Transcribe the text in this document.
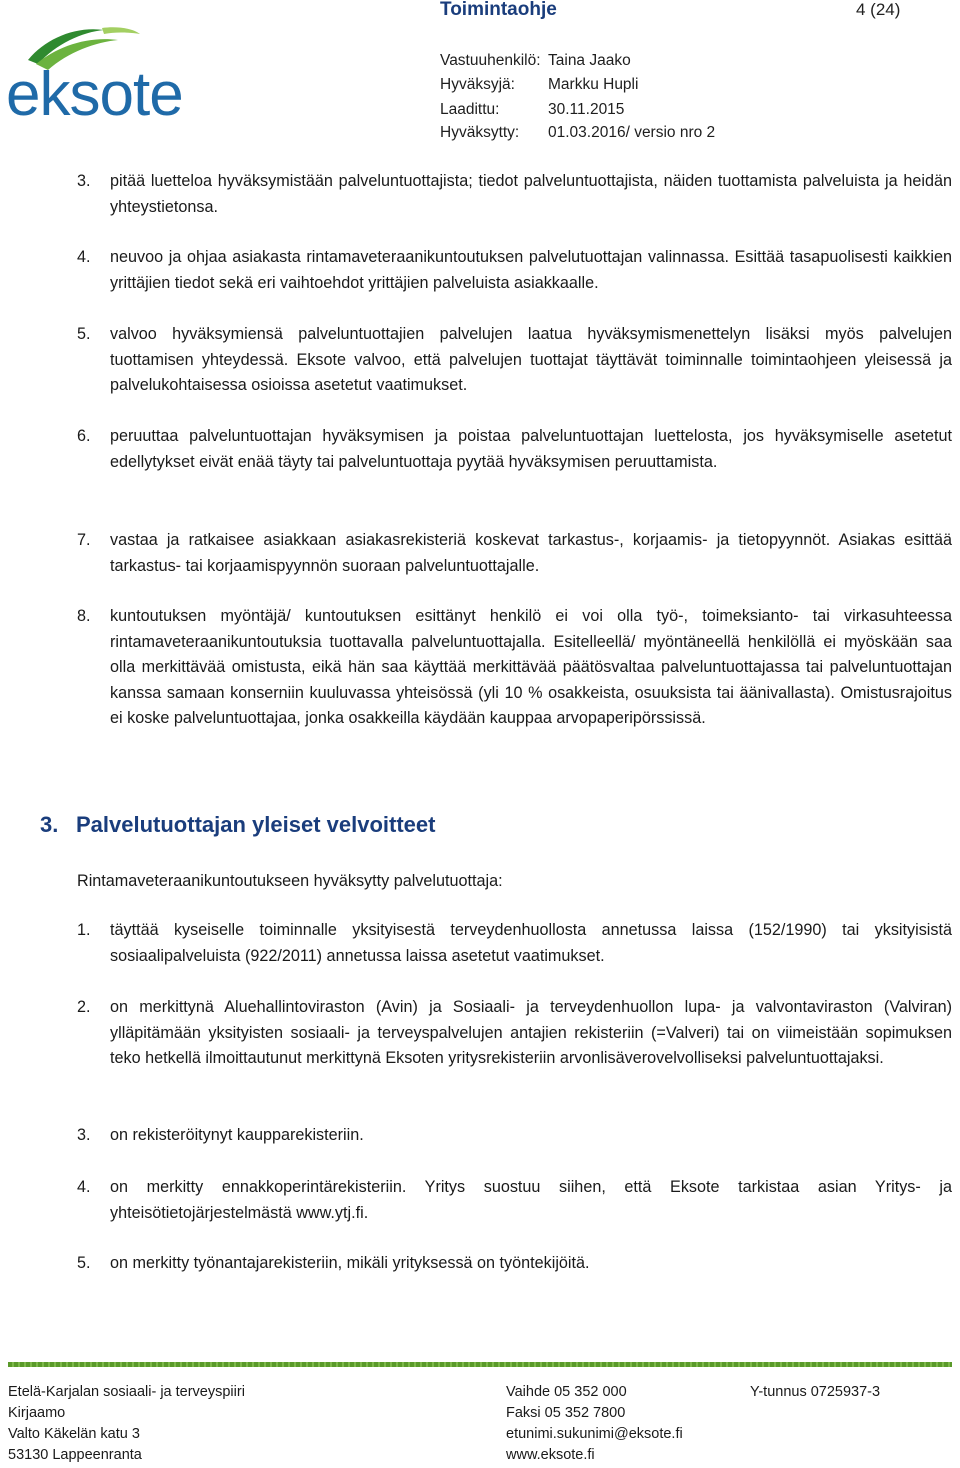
eksote
Toimintaohje	4 (24)
Vastuuhenkilö: Taina Jaako
Hyväksyjä: Markku Hupli
Laadittu:	30.11.2015
Hyväksytty: 01.03.2016/ versio nro 2
3. pitää luetteloa hyväksymistään palveluntuottajista; tiedot palveluntuottajista, näiden tuottamista palveluista ja heidän yhteystietonsa.
4. neuvoo ja ohjaa asiakasta rintamaveteraanikuntoutuksen palvelutuottajan valinnassa. Esittää tasapuolisesti kaikkien yrittäjien tiedot sekä eri vaihtoehdot yrittäjien palveluista asiakkaalle.
5. valvoo hyväksymiensä palveluntuottajien palvelujen laatua hyväksymismenettelyn lisäksi myös palvelujen tuottamisen yhteydessä. Eksote valvoo, että palvelujen tuottajat täyttävät toiminnalle toimintaohjeen yleisessä ja palvelukohtaisessa osioissa asetetut vaatimukset.
6. peruuttaa palveluntuottajan hyväksymisen ja poistaa palveluntuottajan luettelosta, jos hyväksymiselle asetetut edellytykset eivät enää täyty tai palveluntuottaja pyytää hyväksymisen peruuttamista.
7. vastaa ja ratkaisee asiakkaan asiakasrekisteriä koskevat tarkastus-, korjaamis- ja tietopyynnöt. Asiakas esittää tarkastus- tai korjaamispyynnön suoraan palveluntuottajalle.
8. kuntoutuksen myöntäjä/ kuntoutuksen esittänyt henkilö ei voi olla työ-, toimeksianto- tai virkasuhteessa rintamaveteraanikuntoutuksia tuottavalla palveluntuottajalla. Esitelleellä/ myöntäneellä henkilöllä ei myöskään saa olla merkittävää omistusta, eikä hän saa käyttää merkittävää päätösvaltaa palveluntuottajassa tai palveluntuottajan kanssa samaan konserniin kuuluvassa yhteisössä (yli 10 % osakkeista, osuuksista tai äänivallasta). Omistusrajoitus ei koske palveluntuottajaa, jonka osakkeilla käydään kauppaa arvopaperipörssissä.
3. Palvelutuottajan yleiset velvoitteet
Rintamaveteraanikuntoutukseen hyväksytty palvelutuottaja:
1. täyttää kyseiselle toiminnalle yksityisestä terveydenhuollosta annetussa laissa (152/1990) tai yksityisistä sosiaalipalveluista (922/2011) annetussa laissa asetetut vaatimukset.
2. on merkittynä Aluehallintoviraston (Avin) ja Sosiaali- ja terveydenhuollon lupa- ja valvontaviraston (Valviran) ylläpitämään yksityisten sosiaali- ja terveyspalvelujen antajien rekisteriin (=Valveri) tai on viimeistään sopimuksen teko hetkellä ilmoittautunut merkittynä Eksoten yritysrekisteriin arvonlisäverovelvolliseksi palveluntuottajaksi.
3. on rekisteröitynyt kaupparekisteriin.
4. on merkitty ennakkoperintärekisteriin. Yritys suostuu siihen, että Eksote tarkistaa asian Yritys- ja yhteisötietojärjestelmästä www.ytj.fi.
5. on merkitty työnantajarekisteriin, mikäli yrityksessä on työntekijöitä.
Etelä-Karjalan sosiaali- ja terveyspiiri
Kirjaamo
Valto Käkelän katu 3
53130 Lappeenranta
Vaihde 05 352 000
Faksi 05 352 7800
etunimi.sukunimi@eksote.fi
www.eksote.fi
Y-tunnus 0725937-3
